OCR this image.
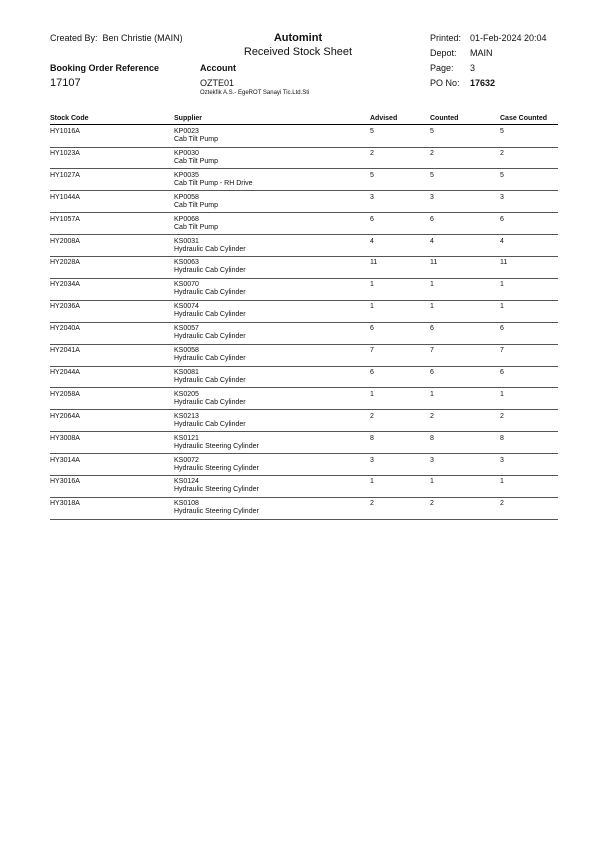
Created By: Ben Christie (MAIN)	Automint
Received Stock Sheet
Printed: 01-Feb-2024 20:04
Depot: MAIN
Page: 3
Booking Order Reference
17107
Account
OZTE01
Oztekfik A.S.- EgeROT Sanayi Tic.Ltd.Sti
PO No: 17632
Stock Code	Supplier	Advised	Counted	Case Counted
HY1016A	KP0023
Cab Tilt Pump
5	5	5
HY1023A	KP0030
Cab Tilt Pump
2	2	2
HY1027A	KP0035
Cab Tilt Pump - RH Drive
5	5	5
HY1044A	KP0058
Cab Tilt Pump
3	3	3
HY1057A	KP0068
Cab Tilt Pump
6	6	6
HY2008A	KS0031
Hydraulic Cab Cylinder
4	4	4
HY2028A	KS0063
Hydraulic Cab Cylinder
11	11	11
HY2034A	KS0070
Hydraulic Cab Cylinder
1	1	1
HY2036A	KS0074
Hydraulic Cab Cylinder
1	1	1
HY2040A	KS0057
Hydraulic Cab Cylinder
6	6	6
HY2041A	KS0058
Hydraulic Cab Cylinder
7	7	7
HY2044A	KS0081
Hydraulic Cab Cylinder
6	6	6
HY2058A	KS0205
Hydraulic Cab Cylinder
1	1	1
HY2064A	KS0213
Hydraulic Cab Cylinder
2	2	2
HY3008A	KS0121
Hydraulic Steering Cylinder
8	8	8
HY3014A	KS0072
Hydraulic Steering Cylinder
3	3	3
HY3016A	KS0124
Hydraulic Steering Cylinder
1	1	1
HY3018A	KS0108
Hydraulic Steering Cylinder
2	2	2
